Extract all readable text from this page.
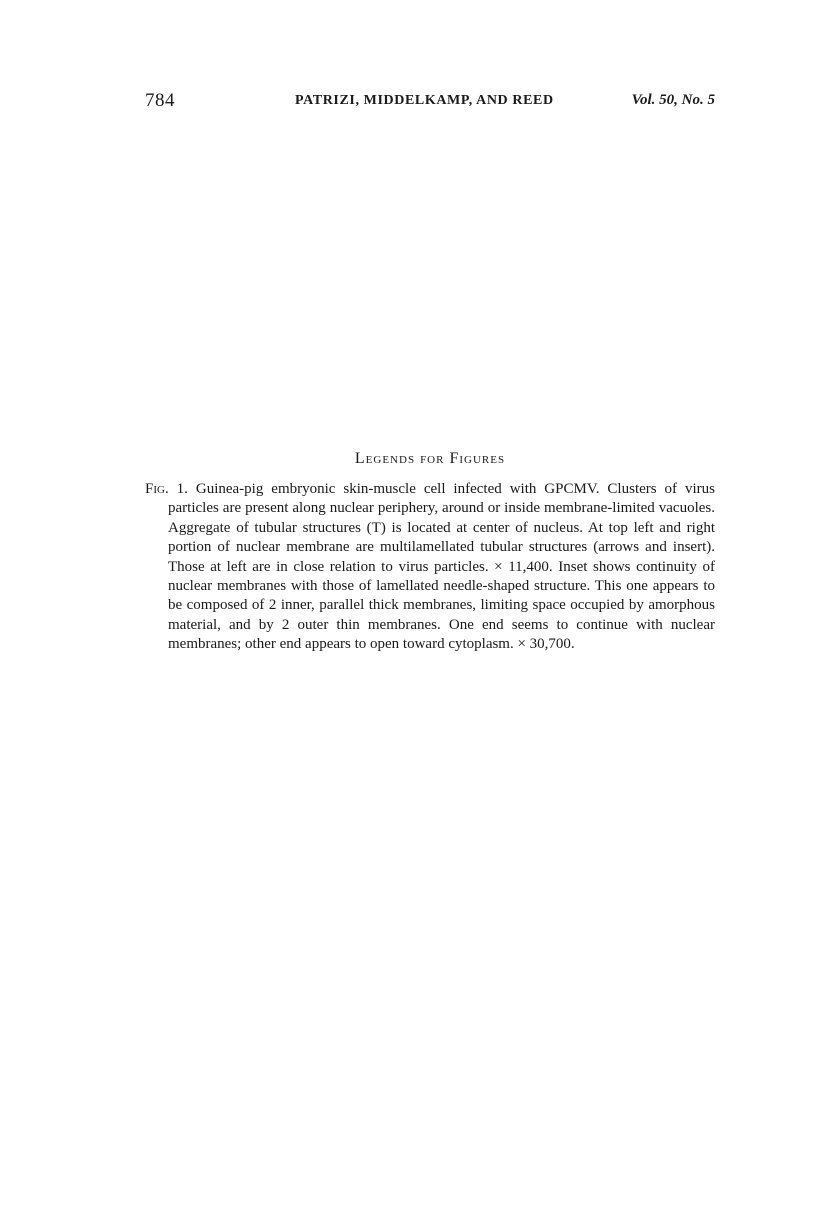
784	PATRIZI, MIDDELKAMP, AND REED	Vol. 50, No. 5
Legends for Figures

Fig. 1. Guinea-pig embryonic skin-muscle cell infected with GPCMV. Clusters of virus particles are present along nuclear periphery, around or inside membrane-limited vacuoles. Aggregate of tubular structures (T) is located at center of nucleus. At top left and right portion of nuclear membrane are multilamellated tubular structures (arrows and insert). Those at left are in close relation to virus particles. × 11,400. Inset shows continuity of nuclear membranes with those of lamellated needle-shaped structure. This one appears to be composed of 2 inner, parallel thick membranes, limiting space occupied by amorphous material, and by 2 outer thin membranes. One end seems to continue with nuclear membranes; other end appears to open toward cytoplasm. × 30,700.
